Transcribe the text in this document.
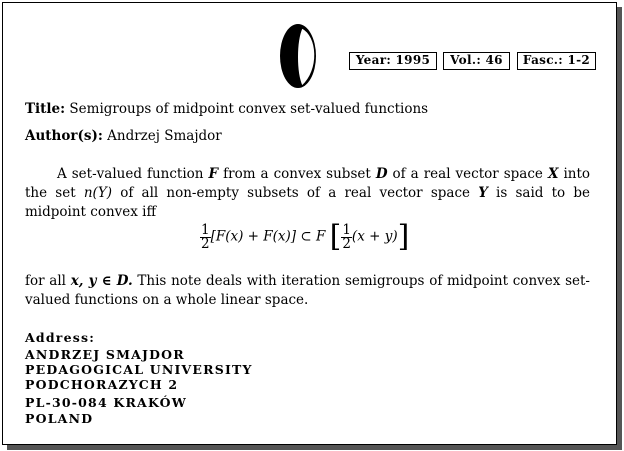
Year: 1995	Vol.: 46	Fasc.: 1-2
Title: Semigroups of midpoint convex set-valued functions
Author(s): Andrzej Smajdor
A set-valued function F from a convex subset D of a real vector space X into the set n(Y) of all non-empty subsets of a real vector space Y is said to be midpoint convex iff
$\frac{1}{2} [F(x) + F(x)]$ ⊂ F [ $\frac{1}{2} (x + y)$]
for all x, y ∈ D. This note deals with iteration semigroups of midpoint convex set-valued functions on a whole linear space.
Address:
ANDRZEJ SMAJDOR
PEDAGOGICAL UNIVERSITY
PODCHORAZYCH 2
PL-30-084 KRAKÓW
POLAND
